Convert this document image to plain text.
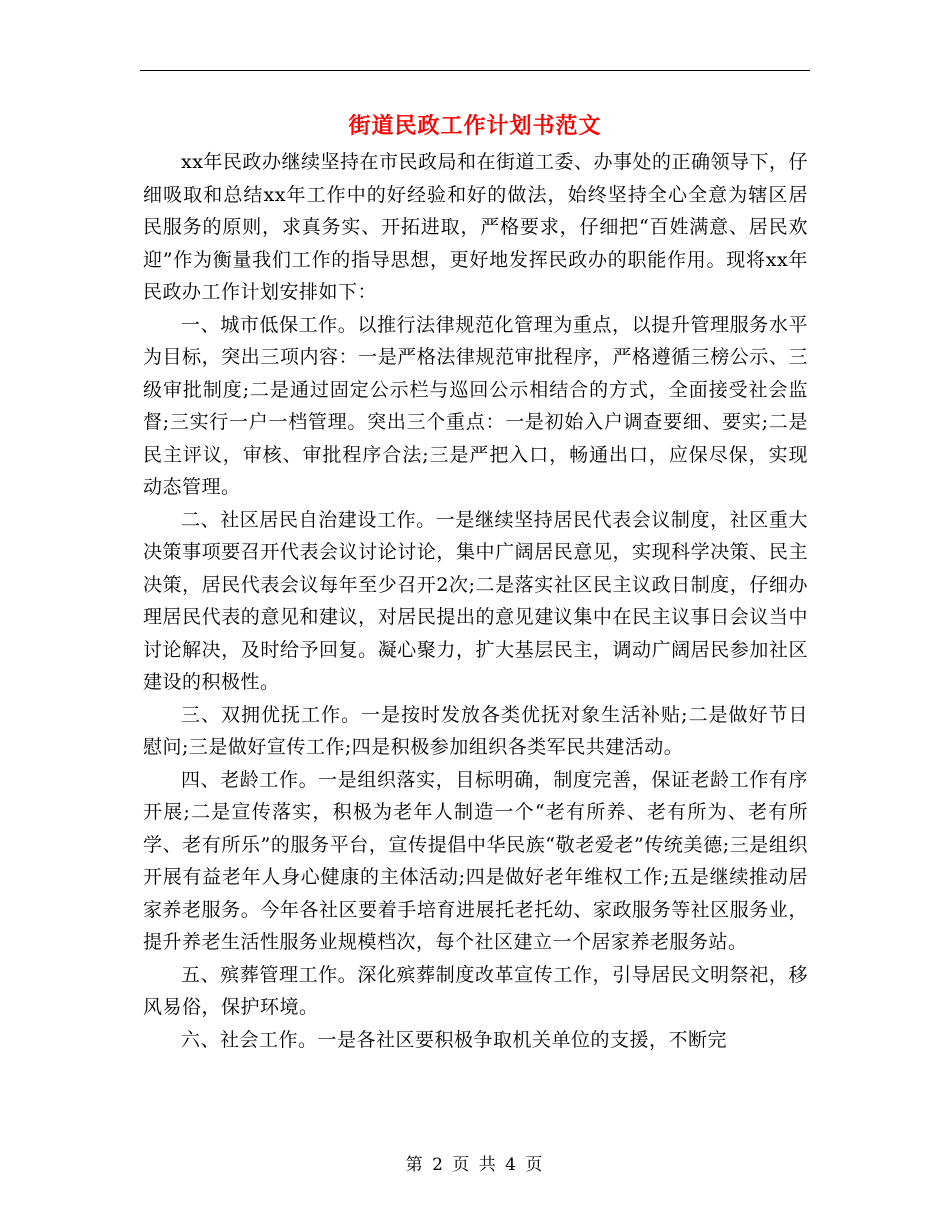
街道民政工作计划书范文

xx年民政办继续坚持在市民政局和在街道工委、办事处的正确领导下，仔细吸取和总结xx年工作中的好经验和好的做法，始终坚持全心全意为辖区居民服务的原则，求真务实、开拓进取，严格要求，仔细把“百姓满意、居民欢迎”作为衡量我们工作的指导思想，更好地发挥民政办的职能作用。现将xx年民政办工作计划安排如下：

一、城市低保工作。以推行法律规范化管理为重点，以提升管理服务水平为目标，突出三项内容：一是严格法律规范审批程序，严格遵循三榜公示、三级审批制度;二是通过固定公示栏与巡回公示相结合的方式，全面接受社会监督;三实行一户一档管理。突出三个重点：一是初始入户调查要细、要实;二是民主评议，审核、审批程序合法;三是严把入口，畅通出口，应保尽保，实现动态管理。

二、社区居民自治建设工作。一是继续坚持居民代表会议制度，社区重大决策事项要召开代表会议讨论讨论，集中广阔居民意见，实现科学决策、民主决策，居民代表会议每年至少召开2次;二是落实社区民主议政日制度，仔细办理居民代表的意见和建议，对居民提出的意见建议集中在民主议事日会议当中讨论解决，及时给予回复。凝心聚力，扩大基层民主，调动广阔居民参加社区建设的积极性。

三、双拥优抚工作。一是按时发放各类优抚对象生活补贴;二是做好节日慰问;三是做好宣传工作;四是积极参加组织各类军民共建活动。

四、老龄工作。一是组织落实，目标明确，制度完善，保证老龄工作有序开展;二是宣传落实，积极为老年人制造一个“老有所养、老有所为、老有所学、老有所乐”的服务平台，宣传提倡中华民族“敬老爱老”传统美德;三是组织开展有益老年人身心健康的主体活动;四是做好老年维权工作;五是继续推动居家养老服务。今年各社区要着手培育进展托老托幼、家政服务等社区服务业，提升养老生活性服务业规模档次，每个社区建立一个居家养老服务站。

五、殡葬管理工作。深化殡葬制度改革宣传工作，引导居民文明祭祀，移风易俗，保护环境。

六、社会工作。一是各社区要积极争取机关单位的支援，不断完

第 2 页 共 4 页
